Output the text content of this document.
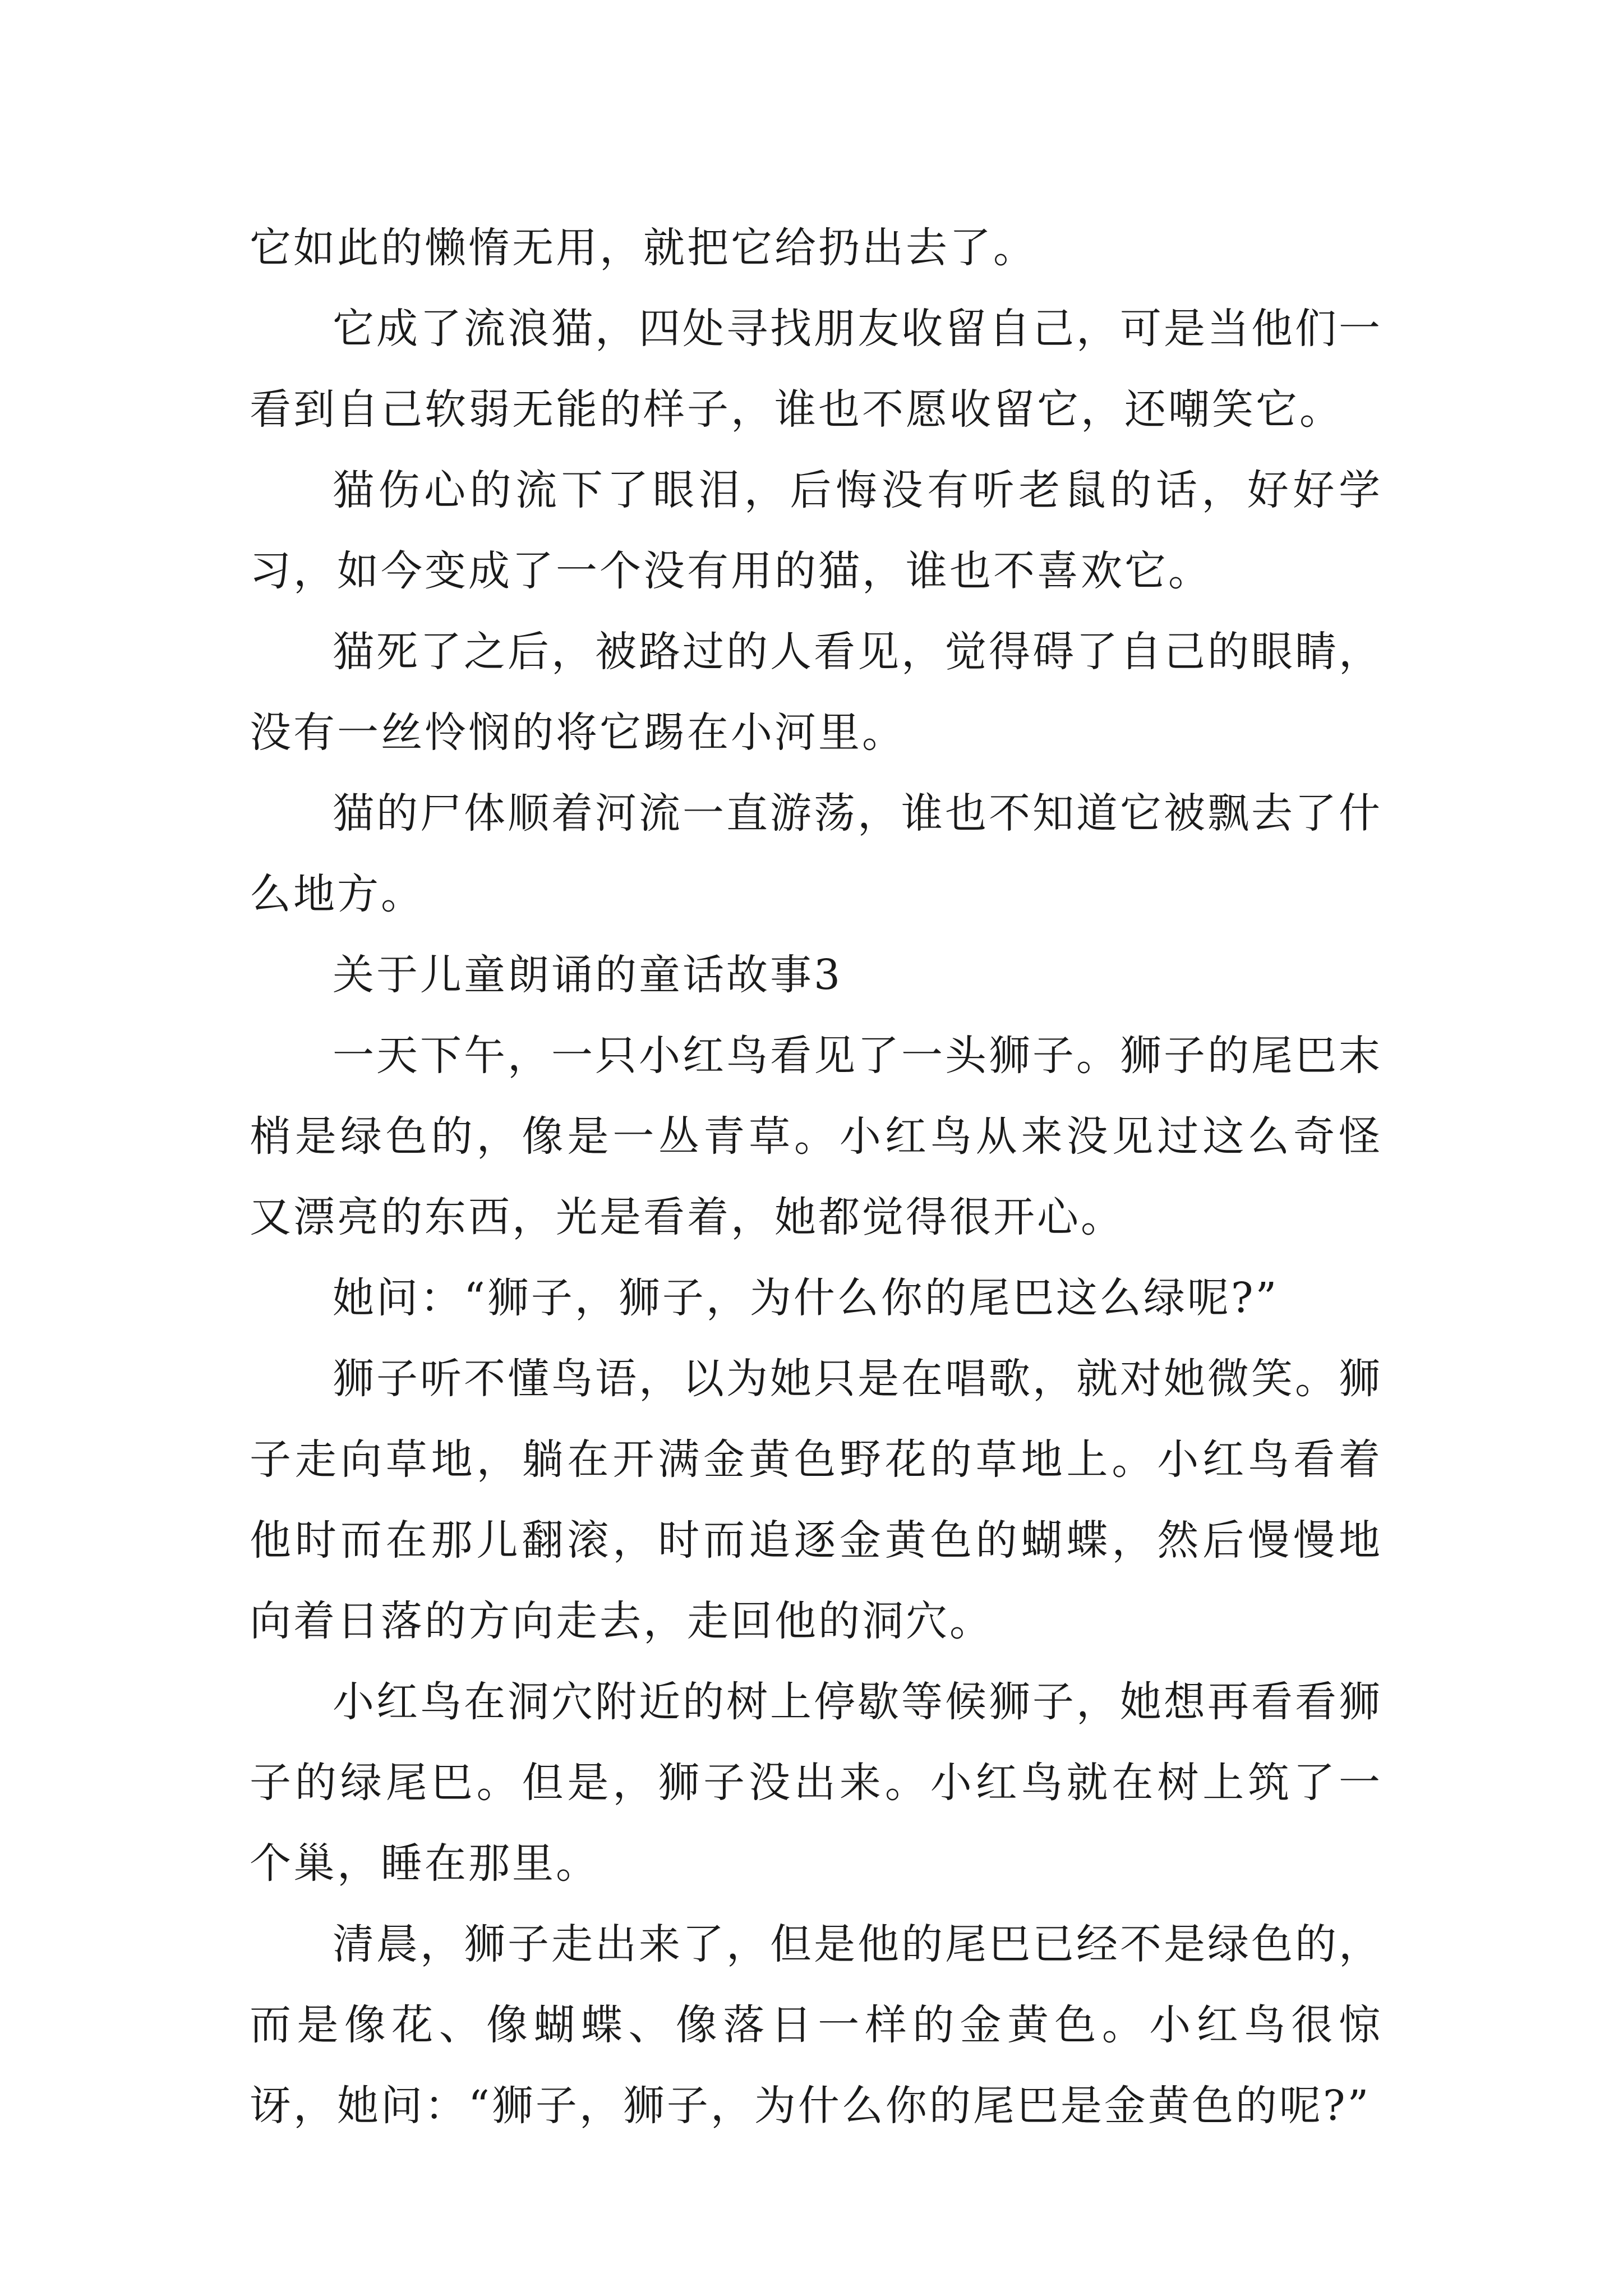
它如此的懒惰无用，就把它给扔出去了。

它成了流浪猫，四处寻找朋友收留自己，可是当他们一看到自己软弱无能的样子，谁也不愿收留它，还嘲笑它。

猫伤心的流下了眼泪，后悔没有听老鼠的话，好好学习，如今变成了一个没有用的猫，谁也不喜欢它。

猫死了之后，被路过的人看见，觉得碍了自己的眼睛，没有一丝怜悯的将它踢在小河里。

猫的尸体顺着河流一直游荡，谁也不知道它被飘去了什么地方。

关于儿童朗诵的童话故事3

一天下午，一只小红鸟看见了一头狮子。狮子的尾巴末梢是绿色的，像是一丛青草。小红鸟从来没见过这么奇怪又漂亮的东西，光是看着，她都觉得很开心。

她问：“狮子，狮子，为什么你的尾巴这么绿呢?”

狮子听不懂鸟语，以为她只是在唱歌，就对她微笑。狮子走向草地，躺在开满金黄色野花的草地上。小红鸟看着他时而在那儿翻滚，时而追逐金黄色的蝴蝶，然后慢慢地向着日落的方向走去，走回他的洞穴。

小红鸟在洞穴附近的树上停歇等候狮子，她想再看看狮子的绿尾巴。但是，狮子没出来。小红鸟就在树上筑了一个巢，睡在那里。

清晨，狮子走出来了，但是他的尾巴已经不是绿色的，而是像花、像蝴蝶、像落日一样的金黄色。小红鸟很惊讶，她问：“狮子，狮子，为什么你的尾巴是金黄色的呢?”
